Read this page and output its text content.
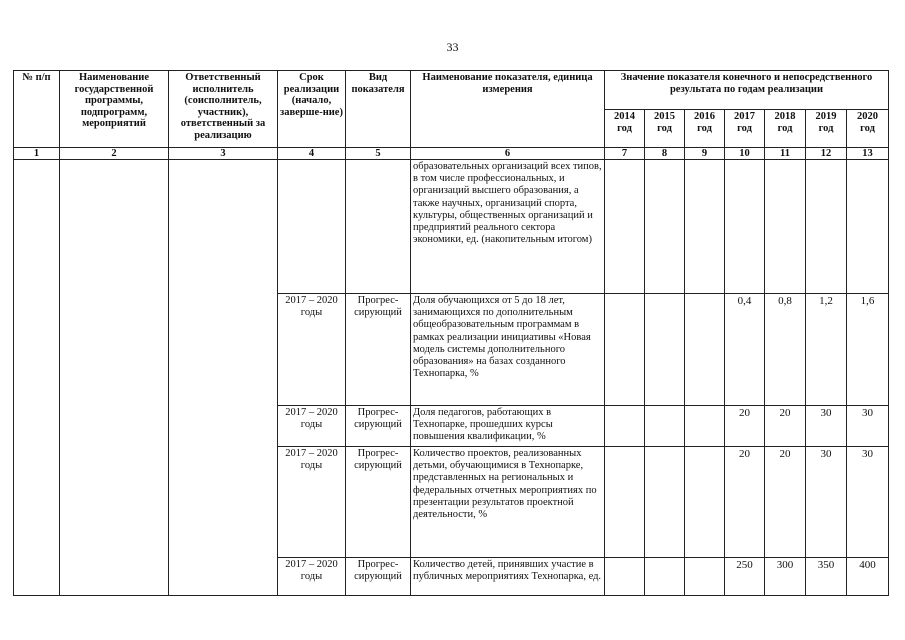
33
№ п/п	Наименование государственной программы, подпрограмм, мероприятий	Ответственный исполнитель (соисполнитель, участник), ответственный за реализацию	Срок реализации (начало, заверше-ние)	Вид показателя	Наименование показателя, единица измерения	Значение показателя конечного и непосредственного результата по годам реализации						
						2014 год	2015 год	2016 год	2017 год	2018 год	2019 год	2020 год
1	2	3	4	5	6	7	8	9	10	11	12	13
					образовательных организаций всех типов, в том числе профессиональных, и организаций высшего образования, а также научных, организаций спорта, культуры, общественных организаций и предприятий реального сектора экономики, ед. (накопительным итогом)							
			2017 – 2020 годы	Прогрес-сирующий	Доля обучающихся от 5 до 18 лет, занимающихся по дополнительным общеобразовательным программам в рамках реализации инициативы «Новая модель системы дополнительного образования» на базах созданного Технопарка, %				0,4	0,8	1,2	1,6
			2017 – 2020 годы	Прогрес-сирующий	Доля педагогов, работающих в Технопарке, прошедших курсы повышения квалификации, %				20	20	30	30
			2017 – 2020 годы	Прогрес-сирующий	Количество проектов, реализованных детьми, обучающимися в Технопарке, представленных на региональных и федеральных отчетных мероприятиях по презентации результатов проектной деятельности, %				20	20	30	30
			2017 – 2020 годы	Прогрес-сирующий	Количество детей, принявших участие в публичных мероприятиях Технопарка, ед.				250	300	350	400
